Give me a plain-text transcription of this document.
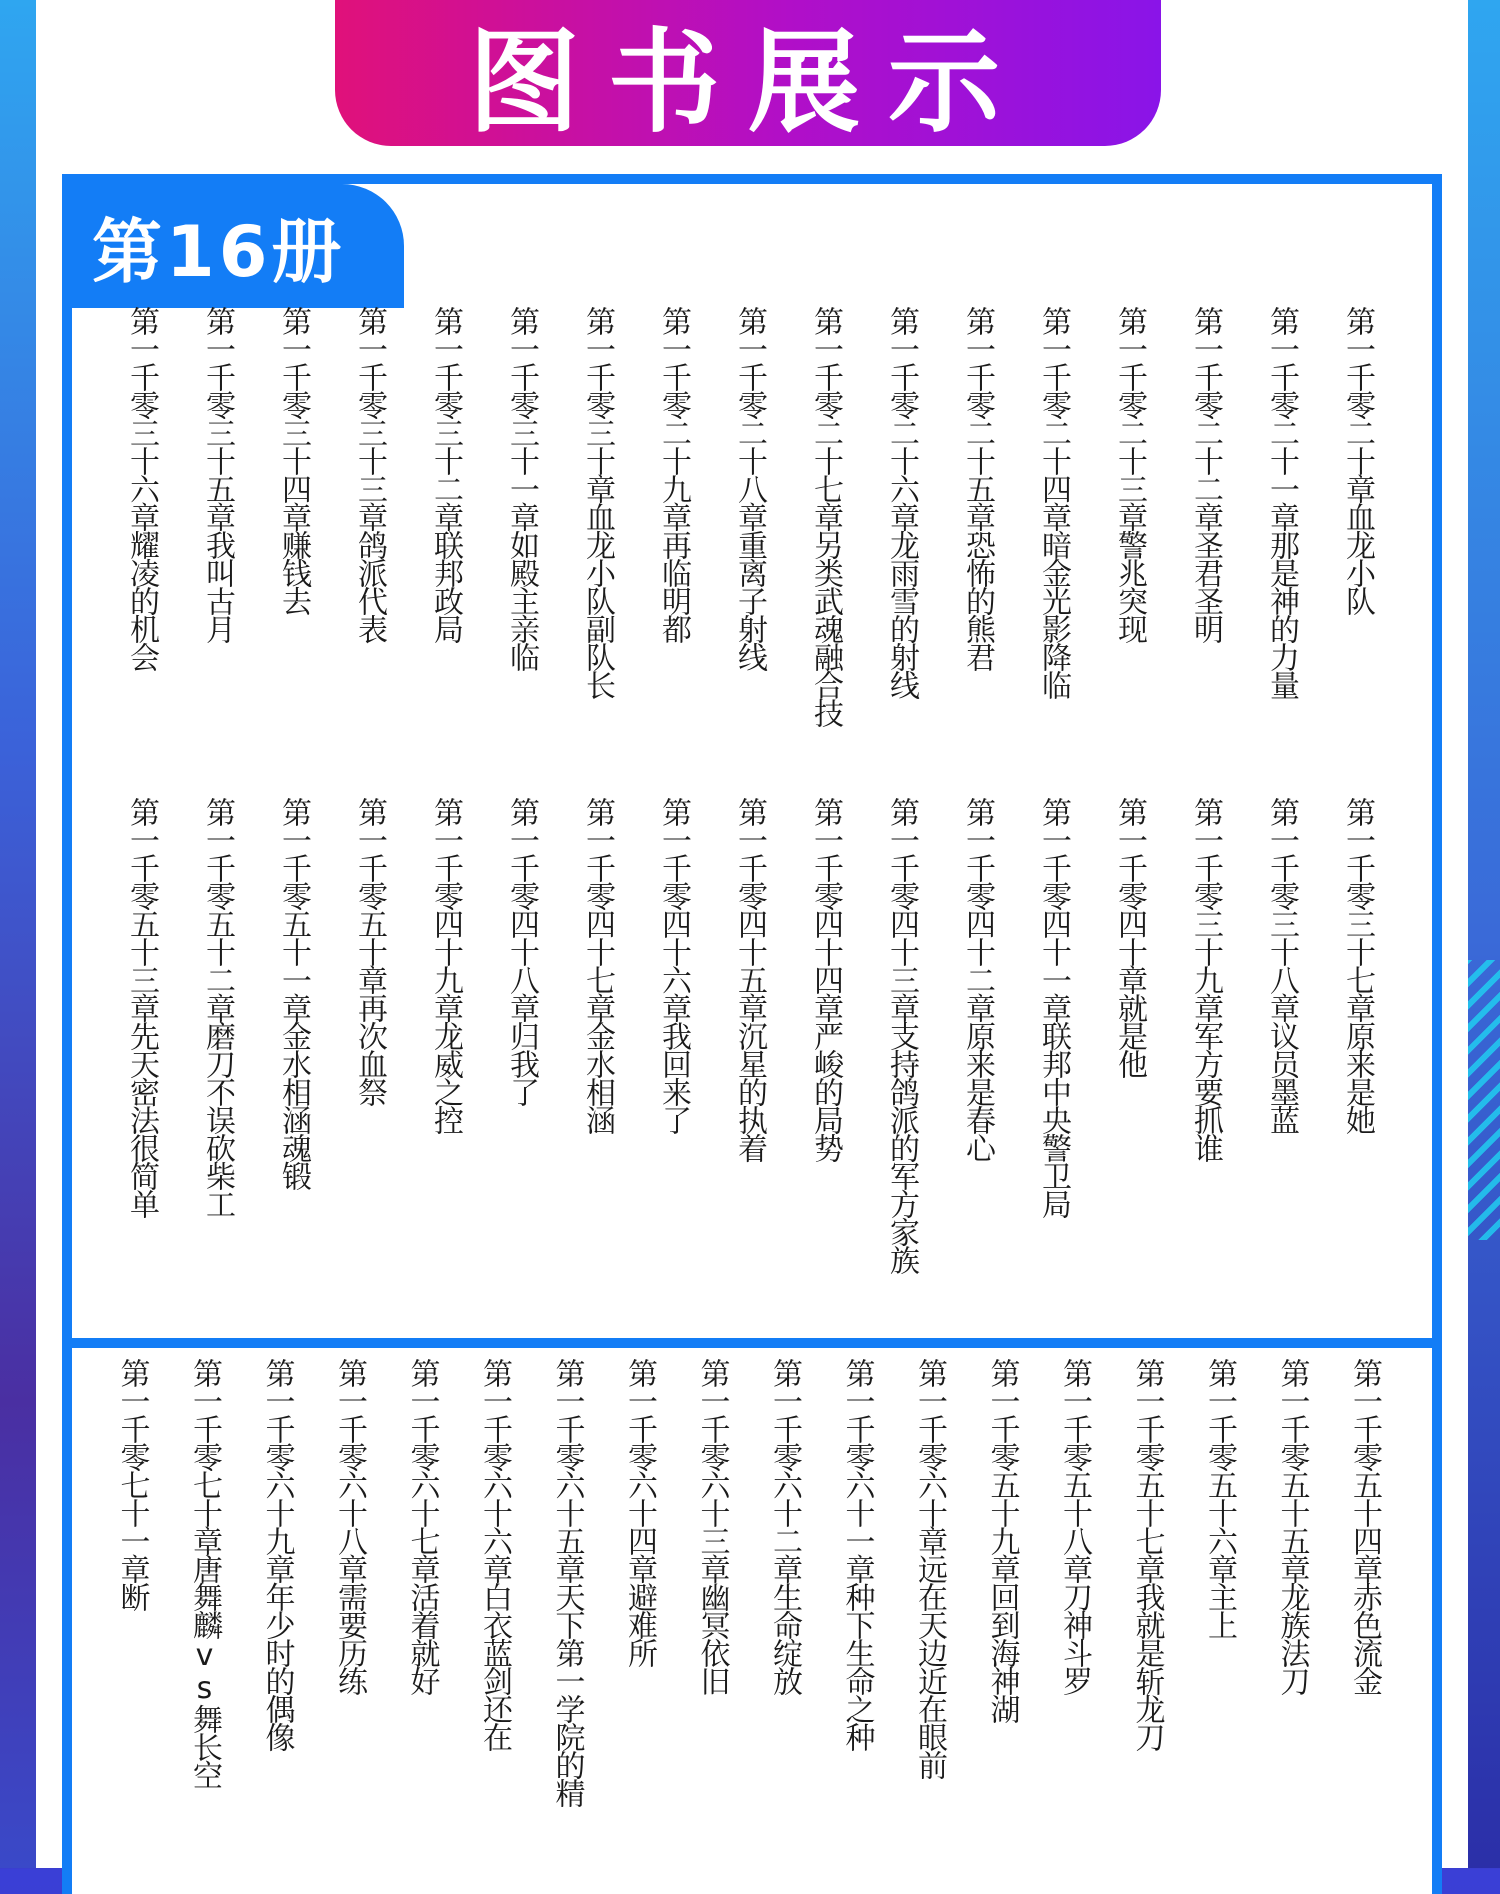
图书展示
第16册
第一千零二十章血龙小队
第一千零二十一章那是神的力量
第一千零二十二章圣君圣明
第一千零二十三章警兆突现
第一千零二十四章暗金光影降临
第一千零二十五章恐怖的熊君
第一千零二十六章龙雨雪的射线
第一千零二十七章另类武魂融合技
第一千零二十八章重离子射线
第一千零二十九章再临明都
第一千零三十章血龙小队副队长
第一千零三十一章如殿主亲临
第一千零三十二章联邦政局
第一千零三十三章鸽派代表
第一千零三十四章赚钱去
第一千零三十五章我叫古月
第一千零三十六章耀凌的机会
第一千零三十七章原来是她
第一千零三十八章议员墨蓝
第一千零三十九章军方要抓谁
第一千零四十章就是他
第一千零四十一章联邦中央警卫局
第一千零四十二章原来是春心
第一千零四十三章支持鸽派的军方家族
第一千零四十四章严峻的局势
第一千零四十五章沉星的执着
第一千零四十六章我回来了
第一千零四十七章金水相涵
第一千零四十八章归我了
第一千零四十九章龙威之控
第一千零五十章再次血祭
第一千零五十一章金水相涵魂锻
第一千零五十二章磨刀不误砍柴工
第一千零五十三章先天密法很简单
第一千零五十四章赤色流金
第一千零五十五章龙族法刀
第一千零五十六章主上
第一千零五十七章我就是斩龙刀
第一千零五十八章刀神斗罗
第一千零五十九章回到海神湖
第一千零六十章远在天边近在眼前
第一千零六十一章种下生命之种
第一千零六十二章生命绽放
第一千零六十三章幽冥依旧
第一千零六十四章避难所
第一千零六十五章天下第一学院的精
第一千零六十六章白衣蓝剑还在
第一千零六十七章活着就好
第一千零六十八章需要历练
第一千零六十九章年少时的偶像
第一千零七十章唐舞麟vs舞长空
第一千零七十一章断
